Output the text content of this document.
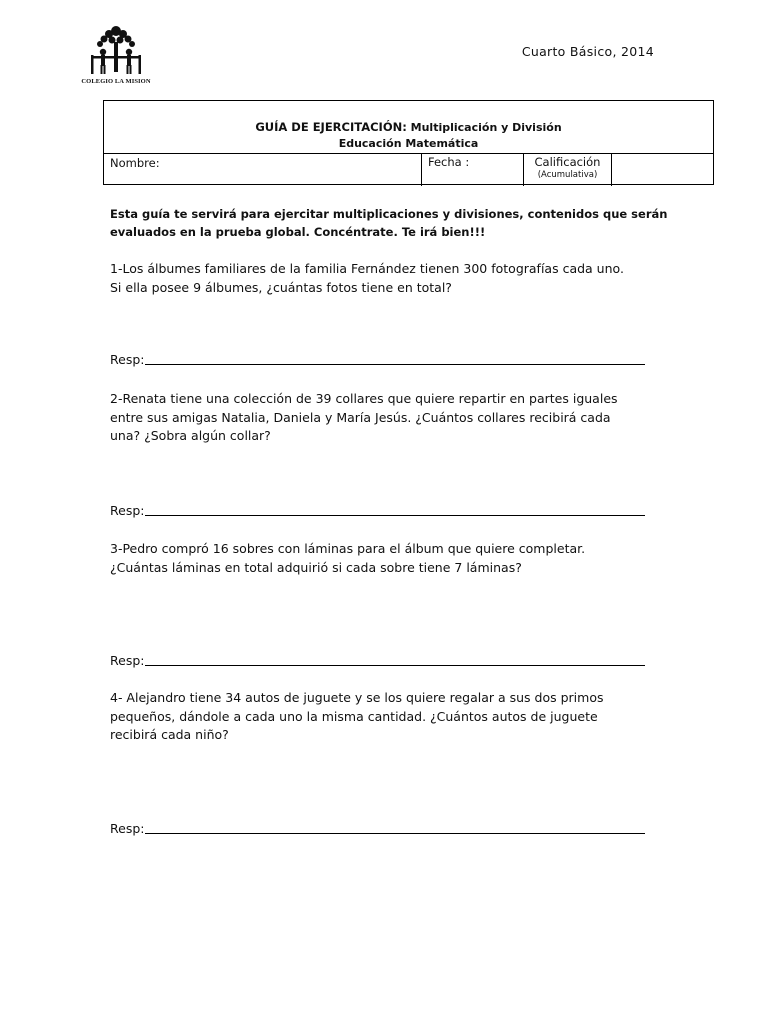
COLEGIO LA MISION
Cuarto Básico, 2014
GUÍA DE EJERCITACIÓN: Multiplicación y División
Educación Matemática
Nombre:	Fecha :	Calificación
(Acumulativa)

Esta guía te servirá para ejercitar multiplicaciones y divisiones, contenidos que serán evaluados en la prueba global. Concéntrate. Te irá bien!!!

1-Los álbumes familiares de la familia Fernández tienen 300 fotografías cada uno.
Si ella posee 9 álbumes, ¿cuántas fotos tiene en total?
Resp:
2-Renata tiene una colección de 39 collares que quiere repartir en partes iguales
entre sus amigas Natalia, Daniela y María Jesús. ¿Cuántos collares recibirá cada
una? ¿Sobra algún collar?
Resp:
3-Pedro compró 16 sobres con láminas para el álbum que quiere completar.
¿Cuántas láminas en total adquirió si cada sobre tiene 7 láminas?
Resp:
4- Alejandro tiene 34 autos de juguete y se los quiere regalar a sus dos primos
pequeños, dándole a cada uno la misma cantidad. ¿Cuántos autos de juguete
recibirá cada niño?
Resp:
